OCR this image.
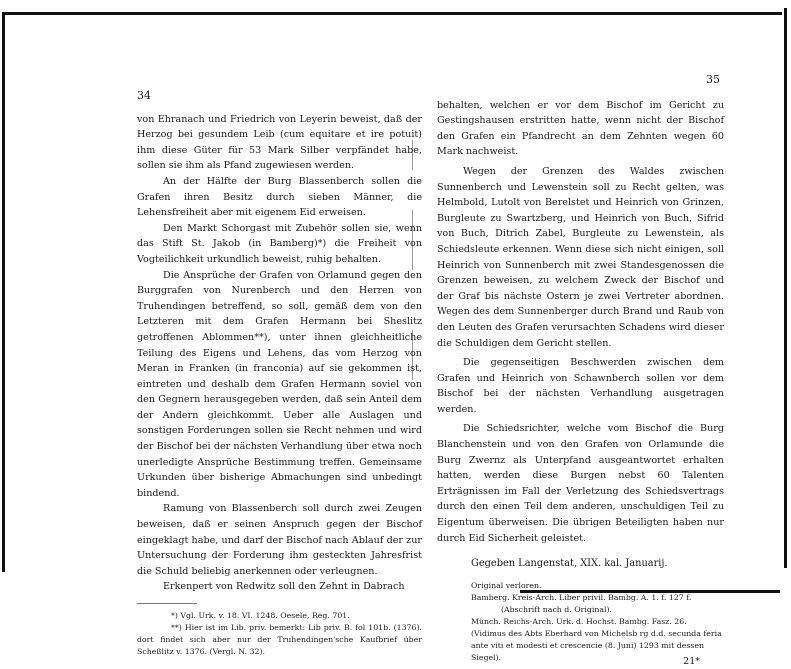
34

von Ehranach und Friedrich von Leyerin beweist, daß der Herzog bei gesundem Leib (cum equitare et ire potuit) ihm diese Güter für 53 Mark Silber verpfändet habe, sollen sie ihm als Pfand zugewiesen werden.

An der Hälfte der Burg Blassenberch sollen die Grafen ihren Besitz durch sieben Männer, die Lehensfreiheit aber mit eigenem Eid erweisen.

Den Markt Schorgast mit Zubehör sollen sie, wenn das Stift St. Jakob (in Bamberg)*) die Freiheit von Vogteilichkeit urkundlich beweist, ruhig behalten.

Die Ansprüche der Grafen von Orlamund gegen den Burggrafen von Nurenberch und den Herren von Truhendingen betreffend, so soll, gemäß dem von den Letzteren mit dem Grafen Hermann bei Sheslitz getroffenen Ablommen**), unter ihnen gleichheitliche Teilung des Eigens und Lehens, das vom Herzog von Meran in Franken (in franconia) auf sie gekommen ist, eintreten und deshalb dem Grafen Hermann soviel von den Gegnern herausgegeben werden, daß sein Anteil dem der Andern gleichkommt. Ueber alle Auslagen und sonstigen Forderungen sollen sie Recht nehmen und wird der Bischof bei der nächsten Verhandlung über etwa noch unerledigte Ansprüche Bestimmung treffen. Gemeinsame Urkunden über bisherige Abmachungen sind unbedingt bindend.

Ramung von Blassenberch soll durch zwei Zeugen beweisen, daß er seinen Anspruch gegen der Bischof eingeklagt habe, und darf der Bischof nach Ablauf der zur Untersuchung der Forderung ihm gesteckten Jahresfrist die Schuld beliebig anerkennen oder verleugnen.

Erkenpert von Redwitz soll den Zehnt in Dabrach

*) Vgl. Urk. v. 18. VI. 1248. Oesele, Reg. 701.

**) Hier ist im Lib. priv. bemerkt: Lib priv. B. fol 101b. (1376). dort findet sich aber nur der Truhendingen'sche Kaufbrief über Scheßlitz v. 1376. (Vergl. N. 32).

35

behalten, welchen er vor dem Bischof im Gericht zu Gestingshausen erstritten hatte, wenn nicht der Bischof den Grafen ein Pfandrecht an dem Zehnten wegen 60 Mark nachweist.

Wegen der Grenzen des Waldes zwischen Sunnenberch und Lewenstein soll zu Recht gelten, was Helmbold, Lutolt von Berelstet und Heinrich von Grinzen, Burgleute zu Swartzberg, und Heinrich von Buch, Sifrid von Buch, Ditrich Zabel, Burgleute zu Lewenstein, als Schiedsleute erkennen. Wenn diese sich nicht einigen, soll Heinrich von Sunnenberch mit zwei Standesgenossen die Grenzen beweisen, zu welchem Zweck der Bischof und der Graf bis nächste Ostern je zwei Vertreter abordnen. Wegen des dem Sunnenberger durch Brand und Raub von den Leuten des Grafen verursachten Schadens wird dieser die Schuldigen dem Gericht stellen.

Die gegenseitigen Beschwerden zwischen dem Grafen und Heinrich von Schawnberch sollen vor dem Bischof bei der nächsten Verhandlung ausgetragen werden.

Die Schiedsrichter, welche vom Bischof die Burg Blanchenstein und von den Grafen von Orlamunde die Burg Zwernz als Unterpfand ausgeantwortet erhalten hatten, werden diese Burgen nebst 60 Talenten Erträgnissen im Fall der Verletzung des Schiedsvertrags durch den einen Teil dem anderen, unschuldigen Teil zu Eigentum überweisen. Die übrigen Beteiligten haben nur durch Eid Sicherheit geleistet.

Gegeben Langenstat, XIX. kal. Januarij.

Original verloren.

Bamberg. Kreis-Arch. Liber privil. Bambg. A. 1. f. 127 f.

(Abschrift nach d. Original).

Münch. Reichs-Arch. Urk. d. Hochst. Bambg. Fasz. 26. (Vidimus des Abts Eberhard von Michelsb rg d.d. secunda feria ante viti et modesti et crescencie (8. Juni) 1293 mit dessen Siegel).	21*
